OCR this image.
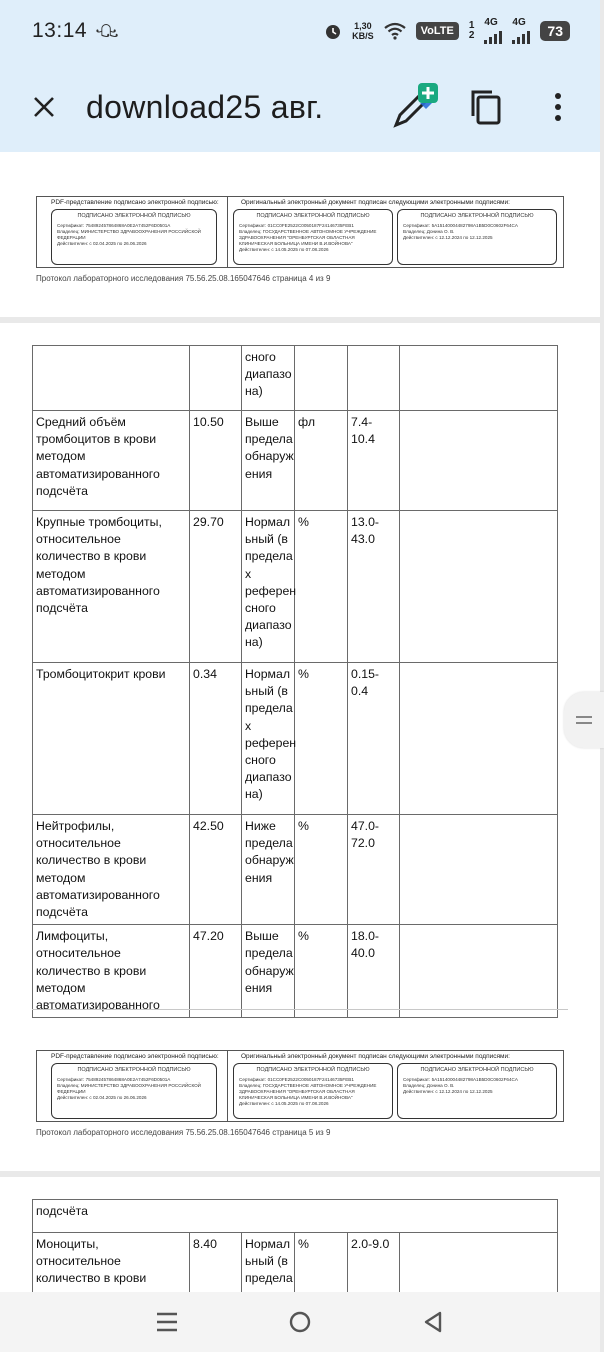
13:14 ꘐ	1,30
KB/S	VoLTE	1
2
4G 4G
73
download25 авг.
PDF-представление подписано электронной подписью:	Оригинальный электронный документ подписан следующими электронными подписями:
ПОДПИСАНО ЭЛЕКТРОННОЙ ПОДПИСЬЮ
Сертификат: 754892457864868A0E2A7452F6D0501A
Владелец: МИНИСТЕРСТВО ЗДРАВООХРАНЕНИЯ РОССИЙСКОЙ ФЕДЕРАЦИИ
Действителен: с 02.04.2025 по 26.06.2026
ПОДПИСАНО ЭЛЕКТРОННОЙ ПОДПИСЬЮ
Сертификат: 01CC0FE2522C0050187F24146735FEB1
Владелец: ГОСУДАРСТВЕННОЕ АВТОНОМНОЕ УЧРЕЖДЕНИЕ ЗДРАВООХРАНЕНИЯ "ОРЕНБУРГСКАЯ ОБЛАСТНАЯ КЛИНИЧЕСКАЯ БОЛЬНИЦА ИМЕНИ В.И.ВОЙНОВА"
Действителен: с 14.05.2025 по 07.08.2026
ПОДПИСАНО ЭЛЕКТРОННОЙ ПОДПИСЬЮ
Сертификат: 5A15140004482798A1B5D0C0602F64CA
Владелец: Донина О. В.
Действителен: с 12.12.2024 по 12.12.2025
Протокол лабораторного исследования 75.56.25.08.165047646 страница 4 из 9
		сного диапазо на)			
Средний объём тромбоцитов в крови методом автоматизированного подсчёта	10.50	Выше предела обнаруж ения	фл	7.4-10.4	
Крупные тромбоциты, относительное количество в крови методом автоматизированного подсчёта	29.70	Нормал ьный (в предела х референ сного диапазо на)	%	13.0-43.0	
Тромбоцитокрит крови	0.34	Нормал ьный (в предела х референ сного диапазо на)	%	0.15-0.4	
Нейтрофилы, относительное количество в крови методом автоматизированного подсчёта	42.50	Ниже предела обнаруж ения	%	47.0-72.0	
Лимфоциты, относительное количество в крови методом автоматизированного	47.20	Выше предела обнаруж ения	%	18.0-40.0	
PDF-представление подписано электронной подписью:	Оригинальный электронный документ подписан следующими электронными подписями:
ПОДПИСАНО ЭЛЕКТРОННОЙ ПОДПИСЬЮ
Сертификат: 754892457864868A0E2A7452F6D0501A
Владелец: МИНИСТЕРСТВО ЗДРАВООХРАНЕНИЯ РОССИЙСКОЙ ФЕДЕРАЦИИ
Действителен: с 02.04.2025 по 26.06.2026
ПОДПИСАНО ЭЛЕКТРОННОЙ ПОДПИСЬЮ
Сертификат: 01CC0FE2522C0050187F24146735FEB1
Владелец: ГОСУДАРСТВЕННОЕ АВТОНОМНОЕ УЧРЕЖДЕНИЕ ЗДРАВООХРАНЕНИЯ "ОРЕНБУРГСКАЯ ОБЛАСТНАЯ КЛИНИЧЕСКАЯ БОЛЬНИЦА ИМЕНИ В.И.ВОЙНОВА"
Действителен: с 14.05.2025 по 07.08.2026
ПОДПИСАНО ЭЛЕКТРОННОЙ ПОДПИСЬЮ
Сертификат: 5A15140004482798A1B5D0C0602F64CA
Владелец: Донина О. В.
Действителен: с 12.12.2024 по 12.12.2025
Протокол лабораторного исследования 75.56.25.08.165047646 страница 5 из 9
подсчёта
Моноциты, относительное количество в крови	8.40	Нормал ьный (в предела	%	2.0-9.0	
